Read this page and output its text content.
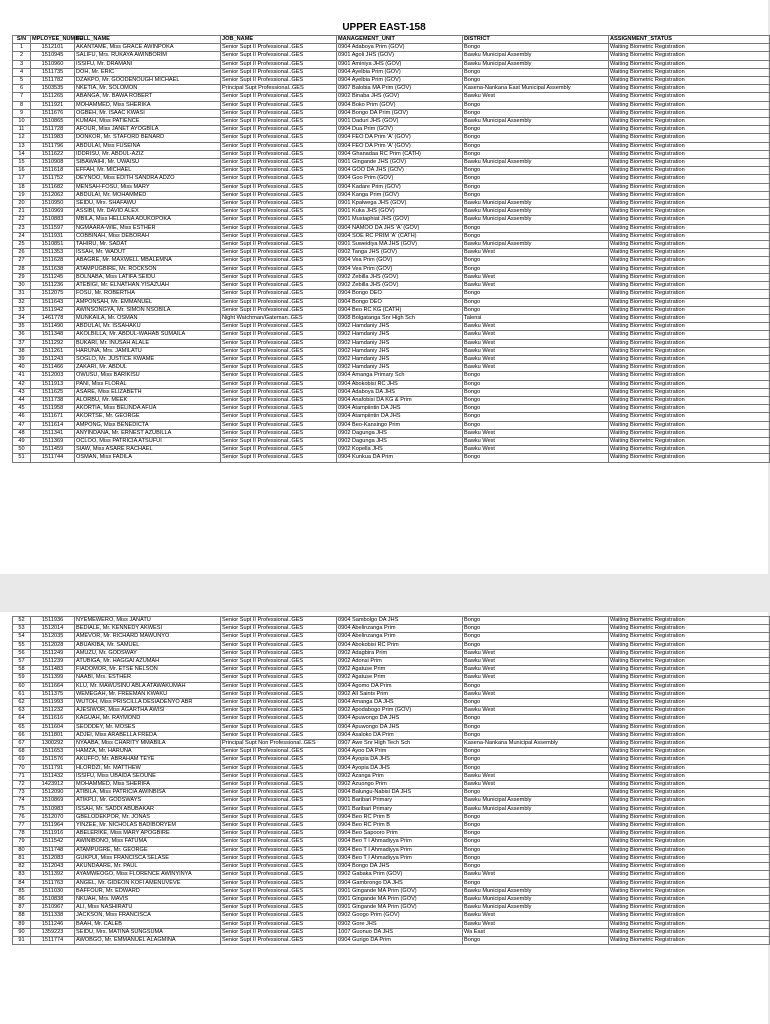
UPPER EAST-158
S/N	MPLOYEE_NUMBE	FULL_NAME	JOB_NAME	MANAGEMENT_UNIT	DISTRICT	ASSIGNMENT_STATUS
1	1512101	AKANTAME, Miss GRACE AWINPOKA	Senior Supt II Professional..GES	0904 Adaboya Prim (GOV)	Bongo	Waiting Biometric Registration
2	1510945	SALIFU, Mrs. RUKAYA AWINBORIM	Senior Supt II Professional..GES	0901 Agoli JHS (GOV)	Bawku Municipal Assembly	Waiting Biometric Registration
3	1510960	ISSIFU, Mr. DRAMANI	Senior Supt II Professional..GES	0901 Aminiya JHS (GOV)	Bawku Municipal Assembly	Waiting Biometric Registration
4	1511735	DOH, Mr. ERIC	Senior Supt II Professional..GES	0904 Ayelbia Prim (GOV)	Bongo	Waiting Biometric Registration
5	1511782	DZAKPO, Mr. GOODENOUGH MICHAEL	Senior Supt II Professional..GES	0904 Ayelbia Prim (GOV)	Bongo	Waiting Biometric Registration
6	1503535	NKETIA, Mr. SOLOMON	Principal Supt Professional..GES	0907 Balobia MA Prim (GOV)	Kasena-Nankana East Municipal Assembly	Waiting Biometric Registration
7	1511265	ABANGA, Mr. BAWA ROBERT	Senior Supt II Professional..GES	0902 Binaba JHS (GOV)	Bawku West	Waiting Biometric Registration
8	1511921	MOHAMMED, Miss SHERIKA	Senior Supt II Professional..GES	0904 Boko Prim (GOV)	Bongo	Waiting Biometric Registration
9	1511676	OGBEH, Mr. ISAAC KWASI	Senior Supt II Professional..GES	0904 Bongo DA Prim (GOV)	Bongo	Waiting Biometric Registration
10	1510865	KUMAH, Miss PATIENCE	Senior Supt II Professional..GES	0901 Daduri JHS (GOV)	Bawku Municipal Assembly	Waiting Biometric Registration
11	1511728	AFOUR, Miss JANET AYOGBILA	Senior Supt II Professional..GES	0904 Dua Prim (GOV)	Bongo	Waiting Biometric Registration
12	1511983	DONKOR, Mr. STAFORD BENARD	Senior Supt II Professional..GES	0904 FEO DA Prim 'A' (GOV)	Bongo	Waiting Biometric Registration
13	1511796	ABDULAI, Miss FUSEINA	Senior Supt II Professional..GES	0904 FEO DA Prim 'A' (GOV)	Bongo	Waiting Biometric Registration
14	1511622	IDDRISU, Mr. ABDUL-AZIZ	Senior Supt II Professional..GES	0904 Ghanadaa RC Prim (CATH)	Bongo	Waiting Biometric Registration
15	1510908	SIBAWAIHI, Mr. UWAISU	Senior Supt II Professional..GES	0901 Gingande JHS (GOV)	Bawku Municipal Assembly	Waiting Biometric Registration
16	1511618	EFFAH, Mr. MICHAEL	Senior Supt II Professional..GES	0904 GOO DA JHS (GOV)	Bongo	Waiting Biometric Registration
17	1511752	DEYNOO, Miss EDITH SANDRA ADZO	Senior Supt II Professional..GES	0904 Goo Prim (GOV)	Bongo	Waiting Biometric Registration
18	1511682	MENSAH-FOSU, Miss MARY	Senior Supt II Professional..GES	0904 Kadare Prim (GOV)	Bongo	Waiting Biometric Registration
19	1512062	ABDULAI, Mr. MOHAMMED	Senior Supt II Professional..GES	0904 Kanga Prim (GOV)	Bongo	Waiting Biometric Registration
20	1510950	SEIDU, Mrs. SHAFAWU	Senior Supt II Professional..GES	0901 Kpalwega JHS (GOV)	Bawku Municipal Assembly	Waiting Biometric Registration
21	1510969	ASSIBI, Mr. DAVID ALEX	Senior Supt II Professional..GES	0901 Kuka JHS (GOV)	Bawku Municipal Assembly	Waiting Biometric Registration
22	1510883	MBILA, Miss HELLENA ADUKOPOKA	Senior Supt II Professional..GES	0901 Mustaphiat JHS (GOV)	Bawku Municipal Assembly	Waiting Biometric Registration
23	1511597	NGMAARA-WIE, Miss ESTHER	Senior Supt II Professional..GES	0904 NAMOO DA JHS 'A' (GOV)	Bongo	Waiting Biometric Registration
24	1511931	COBBINAH, Miss DEBORAH	Senior Supt II Professional..GES	0904 SOE RC PRIM 'A' (CATH)	Bongo	Waiting Biometric Registration
25	1510851	TAHIRU, Mr. SADAT	Senior Supt II Professional..GES	0901 Suweidiya MA JHS (GOV)	Bawku Municipal Assembly	Waiting Biometric Registration
26	1511353	ISSAH, Mr. WADUT	Senior Supt II Professional..GES	0902 Tanga JHS (GOV)	Bawku West	Waiting Biometric Registration
27	1511628	ABAGRE, Mr. MAXWELL MBALEMNA	Senior Supt II Professional..GES	0904 Vea Prim (GOV)	Bongo	Waiting Biometric Registration
28	1511638	ATAMPUGBIRE, Mr. ROCKSON	Senior Supt II Professional..GES	0904 Vea Prim (GOV)	Bongo	Waiting Biometric Registration
29	1511245	BOLNABA, Miss LATIFA SEIDU	Senior Supt II Professional..GES	0902 Zebilla JHS (GOV)	Bawku West	Waiting Biometric Registration
30	1511236	ATEBIGI, Mr. ELNATHAN YISAZUAH	Senior Supt II Professional..GES	0902 Zebilla JHS (GOV)	Bawku West	Waiting Biometric Registration
31	1512075	FOSU, Mr. ROBERTHA	Senior Supt II Professional..GES	0904 Bongo DEO	Bongo	Waiting Biometric Registration
32	1511643	AMPONSAH, Mr. EMMANUEL	Senior Supt II Professional..GES	0904 Bongo DEO	Bongo	Waiting Biometric Registration
33	1511942	AWINSONGYA, Mr. SIMON NSOBILA	Senior Supt II Professional..GES	0904 Beo RC KG (CATH)	Bongo	Waiting Biometric Registration
34	1461778	MUNKAILA, Mr. OSMAN	Night Watchman/Gateman..GES	0908 Bolgatanga Snr High Sch	Talensi	Waiting Biometric Registration
35	1511490	ABDULAI, Mr. ISSAHAKU	Senior Supt II Professional..GES	0902 Hamdaniy JHS	Bawku West	Waiting Biometric Registration
36	1511348	AKOLBILLA, Mr. ABDUL-WAHAB SUMAILA	Senior Supt II Professional..GES	0902 Hamdaniy JHS	Bawku West	Waiting Biometric Registration
37	1511292	BUKARI, Mr. INUSAH ALALE	Senior Supt II Professional..GES	0902 Hamdaniy JHS	Bawku West	Waiting Biometric Registration
38	1511261	HARUNA, Mrs. JAMILATU	Senior Supt II Professional..GES	0902 Hamdaniy JHS	Bawku West	Waiting Biometric Registration
39	1511243	SOGLO, Mr. JUSTICE KWAME	Senior Supt II Professional..GES	0902 Hamdaniy JHS	Bawku West	Waiting Biometric Registration
40	1511466	ZAKARI, Mr. ABDUL	Senior Supt II Professional..GES	0902 Hamdaniy JHS	Bawku West	Waiting Biometric Registration
41	1512003	OWUSU, Miss BARIKISU	Senior Supt II Professional..GES	0904 Amanga Primary Sch	Bongo	Waiting Biometric Registration
42	1511913	PANI, Miss FLORAL	Senior Supt II Professional..GES	0904 Abokobisi RC JHS	Bongo	Waiting Biometric Registration
43	1511625	ASARE, Miss ELIZABETH	Senior Supt II Professional..GES	0904 Adaboya DA JHS	Bongo	Waiting Biometric Registration
44	1511738	ALORBU, Mr. MEEK	Senior Supt II Professional..GES	0904 Anafobisi DA KG & Prim	Bongo	Waiting Biometric Registration
45	1511958	AKORTIA, Miss BELINDA AFUA	Senior Supt II Professional..GES	0904 Atampiintin DA JHS	Bongo	Waiting Biometric Registration
46	1511671	AKORTSE, Mr. GEORGE	Senior Supt II Professional..GES	0904 Atampiintin DA JHS	Bongo	Waiting Biometric Registration
47	1511614	AMPONG, Miss BENEDICTA	Senior Supt II Professional..GES	0904 Beo-Kansingo Prim	Bongo	Waiting Biometric Registration
48	1511341	ANYINDANA, Mr. ERNEST AZUBILLA	Senior Supt II Professional..GES	0902 Dagunga JHS	Bawku West	Waiting Biometric Registration
49	1511369	OCLOO, Miss PATRICIA ATSUFUI	Senior Supt II Professional..GES	0902 Dagunga JHS	Bawku West	Waiting Biometric Registration
50	1511459	SIAW, Miss ASARE RACHAEL	Senior Supt II Professional..GES	0902 Kopella JHS	Bawku West	Waiting Biometric Registration
51	1511744	OSMAN, Miss FADILA	Senior Supt II Professional..GES	0904 Kunkua DA Prim	Bongo	Waiting Biometric Registration
52	1511936	NYEMEWERO, Miss JANATU	Senior Supt II Professional..GES	0904 Sambolgo DA JHS	Bongo	Waiting Biometric Registration
53	1512014	BEDIALE, Mr. KENNEDY AKWESI	Senior Supt II Professional..GES	0904 Abelinzanga Prim	Bongo	Waiting Biometric Registration
54	1512035	AMEVOR, Mr. RICHARD MAWUNYO	Senior Supt II Professional..GES	0904 Abelinzanga Prim	Bongo	Waiting Biometric Registration
55	1512028	ABUAKIBA, Mr. SAMUEL	Senior Supt II Professional..GES	0904 Abokobisi RC Prim	Bongo	Waiting Biometric Registration
56	1511249	AMUZU, Mr. GODSWAY	Senior Supt II Professional..GES	0902 Adagbira Prim	Bawku West	Waiting Biometric Registration
57	1511239	ATUBIGA, Mr. HAGGAI AZUMAH	Senior Supt II Professional..GES	0902 Adonsi Prim	Bawku West	Waiting Biometric Registration
58	1511483	FIADOMOR, Mr. ETSE NELSON	Senior Supt II Professional..GES	0902 Agatuse Prim	Bawku West	Waiting Biometric Registration
59	1511399	NAABI, Mrs. ESTHER	Senior Supt II Professional..GES	0902 Agatuse Prim	Bawku West	Waiting Biometric Registration
60	1511664	KLU, Mr. MAWUSINU ABLA ATAWAKUMAH	Senior Supt II Professional..GES	0904 Agomo DA Prim	Bongo	Waiting Biometric Registration
61	1511375	WEMEGAH, Mr. FREEMAN KWAKU	Senior Supt II Professional..GES	0902 All Saints Prim	Bawku West	Waiting Biometric Registration
62	1511993	WUTOH, Miss PRISCILLA DESIADENYO ABR	Senior Supt II Professional..GES	0904 Amanga DA JHS	Bongo	Waiting Biometric Registration
63	1511232	AJESIWOR, Miss AGARTHA AWISI	Senior Supt II Professional..GES	0902 Apodabogo Prim (GOV)	Bawku West	Waiting Biometric Registration
64	1511616	KAGUAH, Mr. RAYMOND	Senior Supt II Professional..GES	0904 Apuwongo DA JHS	Bongo	Waiting Biometric Registration
65	1511604	SEODDEY, Mr. MOSES	Senior Supt II Professional..GES	0904 Apuwongo DA JHS	Bongo	Waiting Biometric Registration
66	1511801	ADJEI, Miss ARABELLA FREDA	Senior Supt II Professional..GES	0904 Asaloko DA Prim	Bongo	Waiting Biometric Registration
67	1300292	NYAABA, Miss CHARITY MMABILA	Principal Supt Non Professional..GES	0907 Awe Snr High Tech Sch	Kasena-Nankana Municipal Assembly	Waiting Biometric Registration
68	1511653	HAMZA, Mr. HARUNA	Senior Supt II Professional..GES	0904 Ayoo DA Prim	Bongo	Waiting Biometric Registration
69	1511576	AKUFFO, Mr. ABRAHAM TEYE	Senior Supt II Professional..GES	0904 Ayopia DA JHS	Bongo	Waiting Biometric Registration
70	1511791	HLORDZI, Mr. MATTHEW	Senior Supt II Professional..GES	0904 Ayopia DA JHS	Bongo	Waiting Biometric Registration
71	1511432	ISSIFU, Miss UBAIDA SEOUNE	Senior Supt II Professional..GES	0902 Azanga Prim	Bawku West	Waiting Biometric Registration
72	1423912	MOHAMMED, Miss SHERIFA	Senior Supt II Professional..GES	0902 Azuongo Prim	Bawku West	Waiting Biometric Registration
73	1512090	ATIBILA, Miss PATRICIA AWINBISA	Senior Supt II Professional..GES	0904 Balungu-Nabisi DA JHS	Bongo	Waiting Biometric Registration
74	1510869	ATIKPLI, Mr. GODSWAYS	Senior Supt II Professional..GES	0901 Baribari Primary	Bawku Municipal Assembly	Waiting Biometric Registration
75	1510983	ISSAH, Mr. SADDI ABUBAKAR	Senior Supt II Professional..GES	0901 Baribari Primary	Bawku Municipal Assembly	Waiting Biometric Registration
76	1512070	GBELODEKPOR, Mr. JONAS	Senior Supt II Professional..GES	0904 Beo RC Prim B	Bongo	Waiting Biometric Registration
77	1511964	YINZEE, Mr. NICHOLAS BADIBORYEM	Senior Supt II Professional..GES	0904 Beo RC Prim B	Bongo	Waiting Biometric Registration
78	1511916	ABELERIKE, Miss MARY APOGBIRE	Senior Supt II Professional..GES	0904 Beo Sapooro Prim	Bongo	Waiting Biometric Registration
79	1511542	AWINIBONO, Miss FATUMA	Senior Supt II Professional..GES	0904 Beo T I Ahmadiyya Prim	Bongo	Waiting Biometric Registration
80	1511748	ATAMPUGRE, Mr. GEORGE	Senior Supt II Professional..GES	0904 Beo T I Ahmadiyya Prim	Bongo	Waiting Biometric Registration
81	1512083	GUKPUI, Miss FRANCISCA SELASE	Senior Supt II Professional..GES	0904 Beo T I Ahmadiyya Prim	Bongo	Waiting Biometric Registration
82	1512043	AKUNDAARE, Mr. PAUL	Senior Supt II Professional..GES	0904 Bongo DA JHS	Bongo	Waiting Biometric Registration
83	1511392	AYAMWEOGO, Miss FLORENCE AWINYINYA	Senior Supt II Professional..GES	0902 Gabaka Prim (GOV)	Bawku West	Waiting Biometric Registration
84	1511763	ANGEL, Mr. GIDEON KOFI AMENUVEVE	Senior Supt II Professional..GES	0904 Gambrongo DA JHS	Bongo	Waiting Biometric Registration
85	1511030	BAFFOUR, Mr. EDWARD	Senior Supt II Professional..GES	0901 Gingande MA Prim (GOV)	Bawku Municipal Assembly	Waiting Biometric Registration
86	1510838	NKUAH, Mrs. MAVIS	Senior Supt II Professional..GES	0901 Gingande MA Prim (GOV)	Bawku Municipal Assembly	Waiting Biometric Registration
87	1510967	ALI, Miss NASHIRATU	Senior Supt II Professional..GES	0901 Gingande MA Prim (GOV)	Bawku Municipal Assembly	Waiting Biometric Registration
88	1511338	JACKSON, Miss FRANCISCA	Senior Supt II Professional..GES	0902 Googo Prim (GOV)	Bawku West	Waiting Biometric Registration
89	1511246	BAAH, Mr. CALEB	Senior Supt II Professional..GES	0902 Gore JHS	Bawku West	Waiting Biometric Registration
90	1359223	SEIDU, Mrs. MATINA SUNGSUMA	Senior Supt II Professional..GES	1007 Guonuo DA JHS	Wa East	Waiting Biometric Registration
91	1511774	AWOBGO, Mr. EMMANUEL ALAGMINA	Senior Supt II Professional..GES	0904 Gurigo DA Prim	Bongo	Waiting Biometric Registration
